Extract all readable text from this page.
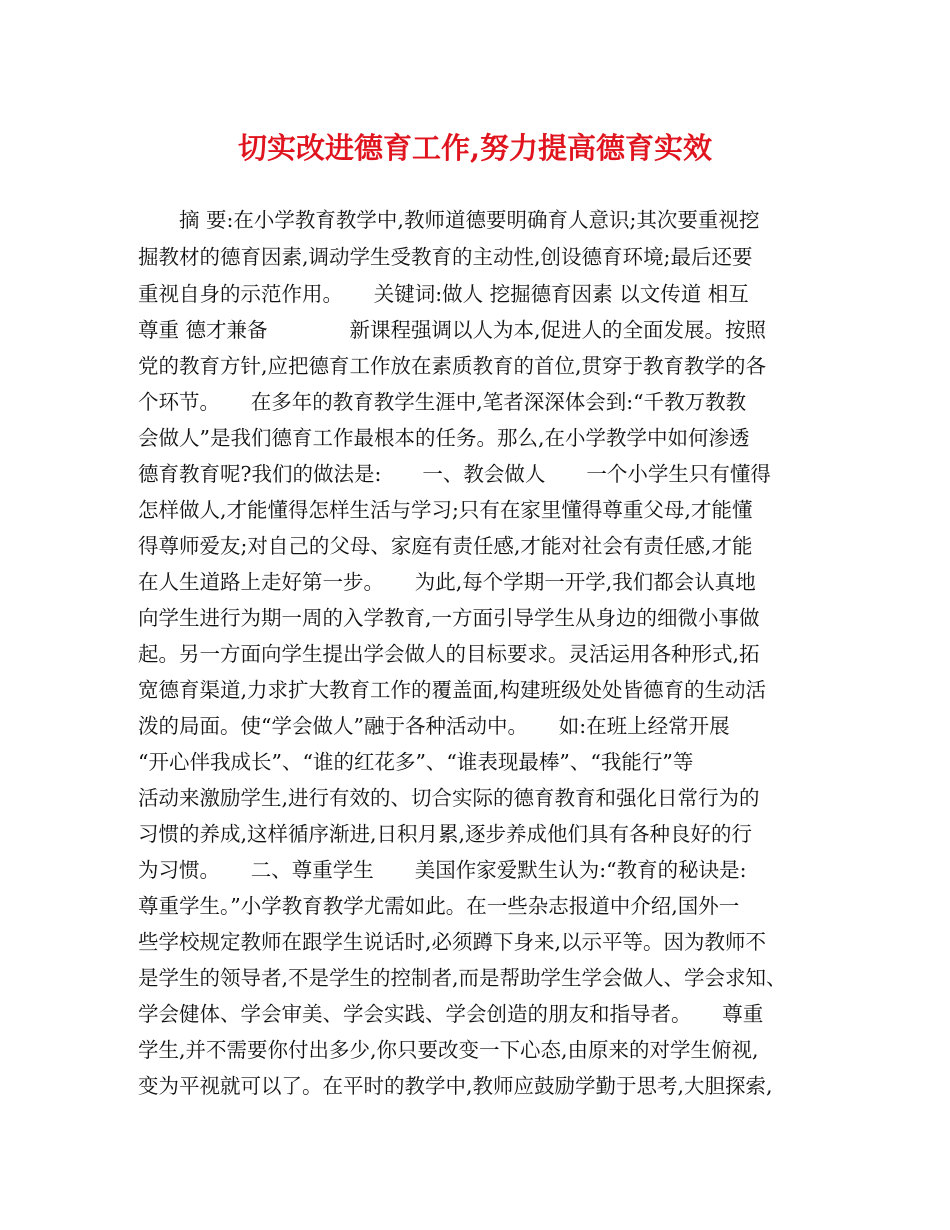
切实改进德育工作,努力提高德育实效
　　摘 要:在小学教育教学中,教师道德要明确育人意识;其次要重视挖
掘教材的德育因素,调动学生受教育的主动性,创设德育环境;最后还要
重视自身的示范作用。　　关键词:做人 挖掘德育因素 以文传道 相互
尊重 德才兼备　　　　新课程强调以人为本,促进人的全面发展。按照
党的教育方针,应把德育工作放在素质教育的首位,贯穿于教育教学的各
个环节。　　在多年的教育教学生涯中,笔者深深体会到:“千教万教教
会做人”是我们德育工作最根本的任务。那么,在小学教学中如何渗透
德育教育呢?我们的做法是:　　一、教会做人　　一个小学生只有懂得
怎样做人,才能懂得怎样生活与学习;只有在家里懂得尊重父母,才能懂
得尊师爱友;对自己的父母、家庭有责任感,才能对社会有责任感,才能
在人生道路上走好第一步。　　为此,每个学期一开学,我们都会认真地
向学生进行为期一周的入学教育,一方面引导学生从身边的细微小事做
起。另一方面向学生提出学会做人的目标要求。灵活运用各种形式,拓
宽德育渠道,力求扩大教育工作的覆盖面,构建班级处处皆德育的生动活
泼的局面。使“学会做人”融于各种活动中。　　如:在班上经常开展
“开心伴我成长”、“谁的红花多”、“谁表现最棒”、“我能行”等
活动来激励学生,进行有效的、切合实际的德育教育和强化日常行为的
习惯的养成,这样循序渐进,日积月累,逐步养成他们具有各种良好的行
为习惯。　　二、尊重学生　　美国作家爱默生认为:“教育的秘诀是:
尊重学生。”小学教育教学尤需如此。在一些杂志报道中介绍,国外一
些学校规定教师在跟学生说话时,必须蹲下身来,以示平等。因为教师不
是学生的领导者,不是学生的控制者,而是帮助学生学会做人、学会求知、
学会健体、学会审美、学会实践、学会创造的朋友和指导者。　　尊重
学生,并不需要你付出多少,你只要改变一下心态,由原来的对学生俯视,
变为平视就可以了。在平时的教学中,教师应鼓励学勤于思考,大胆探索,
